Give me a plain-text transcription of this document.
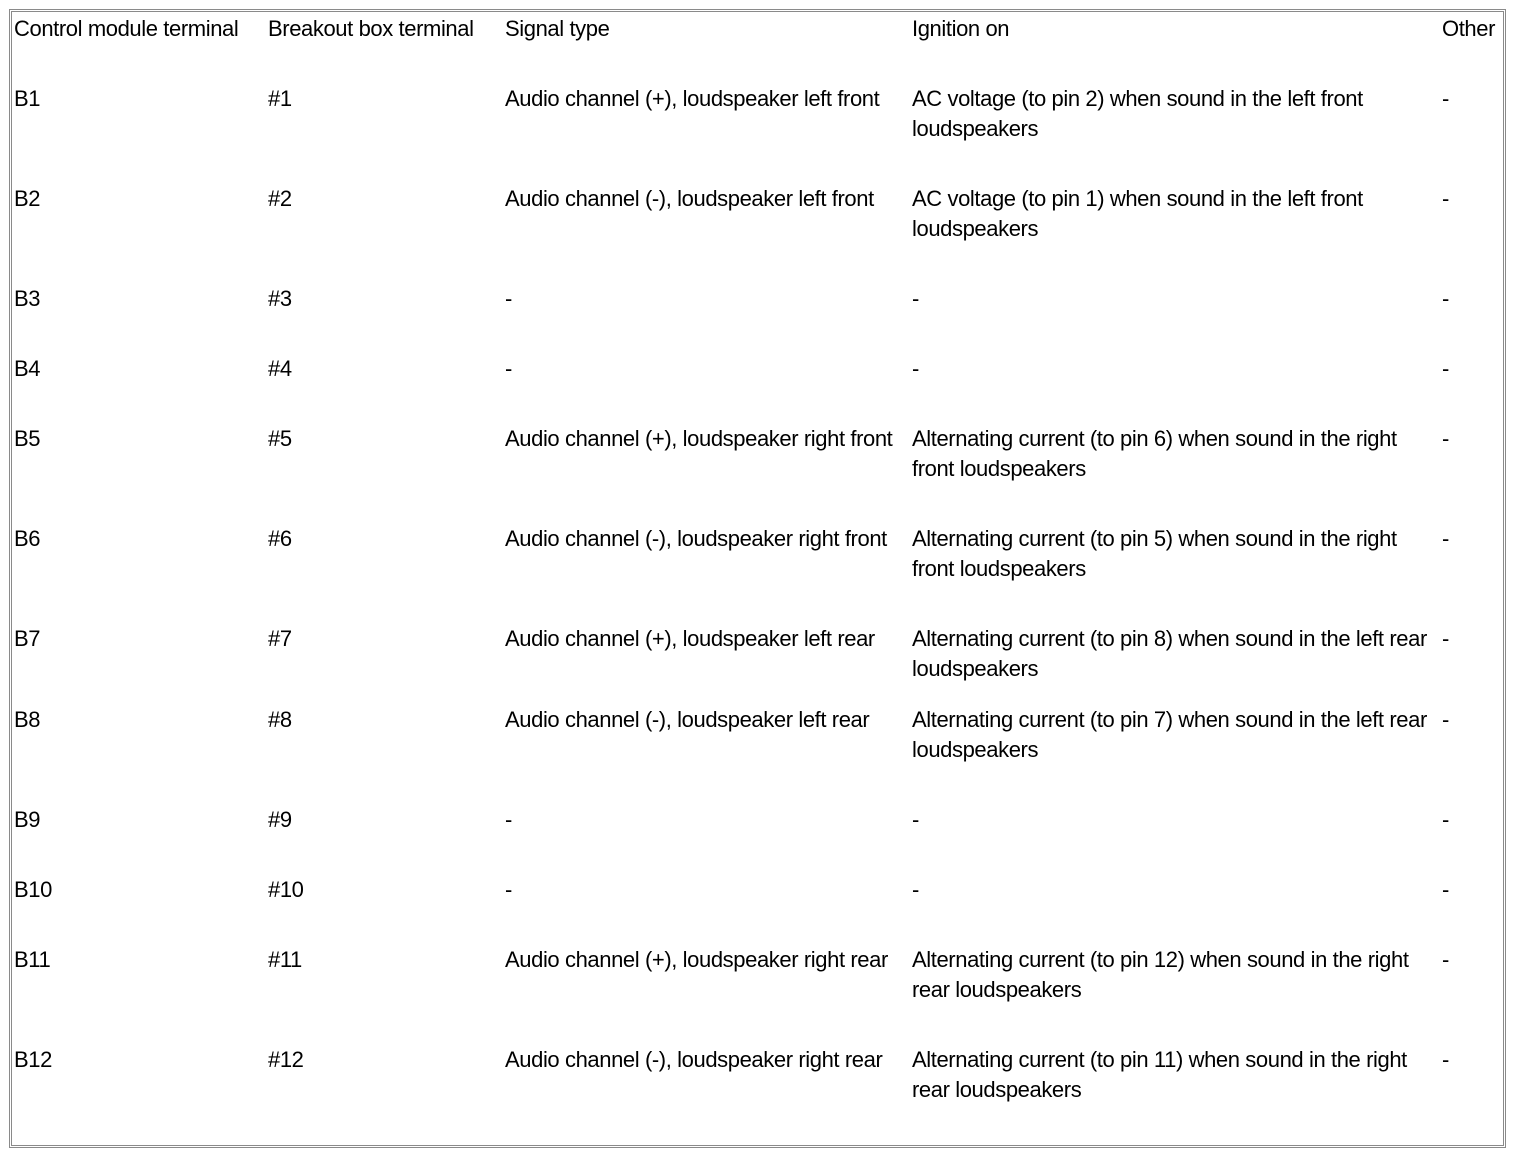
Control module terminal	Breakout box terminal	Signal type	Ignition on	Other
B1	#1	Audio channel (+), loudspeaker left front	AC voltage (to pin 2) when sound in the left front loudspeakers	-
B2	#2	Audio channel (-), loudspeaker left front	AC voltage (to pin 1) when sound in the left front loudspeakers	-
B3	#3	-	-	-
B4	#4	-	-	-
B5	#5	Audio channel (+), loudspeaker right front	Alternating current (to pin 6) when sound in the right front loudspeakers	-
B6	#6	Audio channel (-), loudspeaker right front	Alternating current (to pin 5) when sound in the right front loudspeakers	-
B7	#7	Audio channel (+), loudspeaker left rear	Alternating current (to pin 8) when sound in the left rear loudspeakers	-
B8	#8	Audio channel (-), loudspeaker left rear	Alternating current (to pin 7) when sound in the left rear loudspeakers	-
B9	#9	-	-	-
B10	#10	-	-	-
B11	#11	Audio channel (+), loudspeaker right rear	Alternating current (to pin 12) when sound in the right rear loudspeakers	-
B12	#12	Audio channel (-), loudspeaker right rear	Alternating current (to pin 11) when sound in the right rear loudspeakers	-
